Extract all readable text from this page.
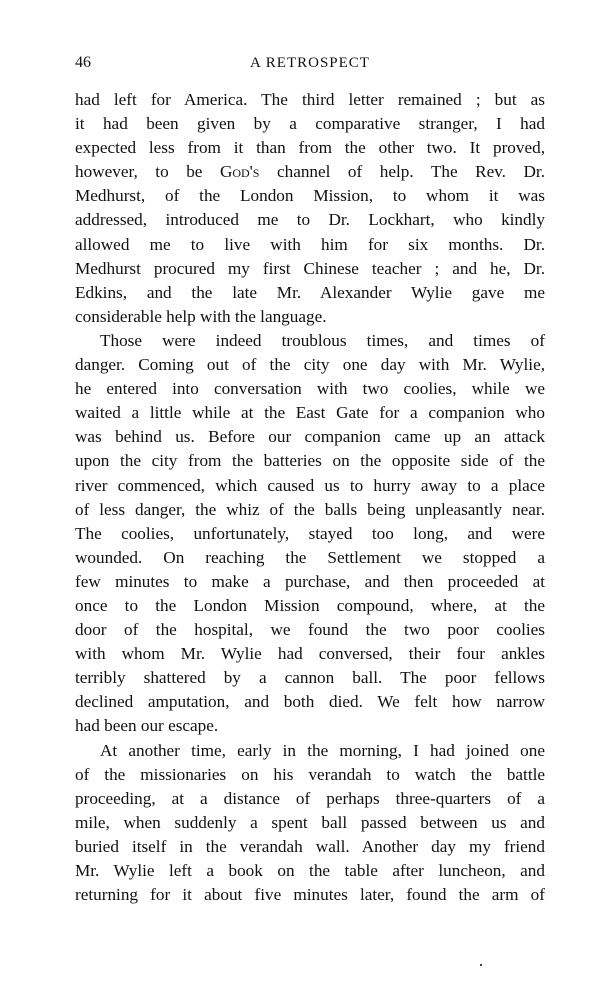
46	A RETROSPECT
had left for America. The third letter remained ; but as
it had been given by a comparative stranger, I had
expected less from it than from the other two. It proved,
however, to be God's channel of help. The Rev. Dr.
Medhurst, of the London Mission, to whom it was
addressed, introduced me to Dr. Lockhart, who kindly
allowed me to live with him for six months. Dr.
Medhurst procured my first Chinese teacher ; and he, Dr.
Edkins, and the late Mr. Alexander Wylie gave me
considerable help with the language.
Those were indeed troublous times, and times of
danger. Coming out of the city one day with Mr. Wylie,
he entered into conversation with two coolies, while we
waited a little while at the East Gate for a companion who
was behind us. Before our companion came up an attack
upon the city from the batteries on the opposite side of the
river commenced, which caused us to hurry away to a place
of less danger, the whiz of the balls being unpleasantly near.
The coolies, unfortunately, stayed too long, and were
wounded. On reaching the Settlement we stopped a
few minutes to make a purchase, and then proceeded at
once to the London Mission compound, where, at the
door of the hospital, we found the two poor coolies
with whom Mr. Wylie had conversed, their four ankles
terribly shattered by a cannon ball. The poor fellows
declined amputation, and both died. We felt how narrow
had been our escape.
At another time, early in the morning, I had joined one
of the missionaries on his verandah to watch the battle
proceeding, at a distance of perhaps three-quarters of a
mile, when suddenly a spent ball passed between us and
buried itself in the verandah wall. Another day my friend
Mr. Wylie left a book on the table after luncheon, and
returning for it about five minutes later, found the arm of
